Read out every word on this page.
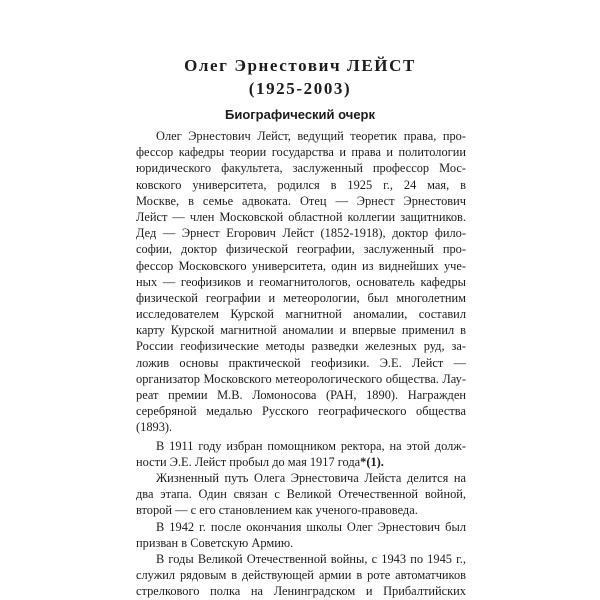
Олег Эрнестович ЛЕЙСТ
(1925-2003)
Биографический очерк
Олег Эрнестович Лейст, ведущий теоретик права, про-
фессор кафедры теории государства и права и политологии
юридического факультета, заслуженный профессор Мос-
ковского университета, родился в 1925 г., 24 мая, в
Москве, в семье адвоката. Отец — Эрнест Эрнестович
Лейст — член Московской областной коллегии защитников.
Дед — Эрнест Егорович Лейст (1852-1918), доктор фило-
софии, доктор физической географии, заслуженный про-
фессор Московского университета, один из виднейших уче-
ных — геофизиков и геомагнитологов, основатель кафедры
физической географии и метеорологии, был многолетним
исследователем Курской магнитной аномалии, составил
карту Курской магнитной аномалии и впервые применил в
России геофизические методы разведки железных руд, за-
ложив основы практической геофизики. Э.Е. Лейст —
организатор Московского метеорологического общества. Лау-
реат премии М.В. Ломоносова (РАН, 1890). Награжден
серебряной медалью Русского географического общества
(1893).
В 1911 году избран помощником ректора, на этой долж-
ности Э.Е. Лейст пробыл до мая 1917 года*(1).
Жизненный путь Олега Эрнестовича Лейста делится на
два этапа. Один связан с Великой Отечественной войной,
второй — с его становлением как ученого-правоведа.
В 1942 г. после окончания школы Олег Эрнестович был
призван в Советскую Армию.
В годы Великой Отечественной войны, с 1943 по 1945 г.,
служил рядовым в действующей армии в роте автоматчиков
стрелкового полка на Ленинградском и Прибалтийских
